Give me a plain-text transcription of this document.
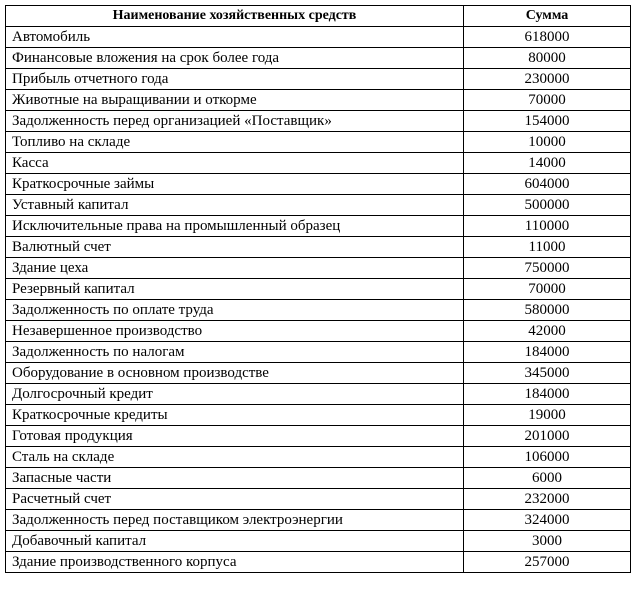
Наименование хозяйственных средств	Сумма
Автомобиль	618000
Финансовые вложения на срок более года	80000
Прибыль отчетного года	230000
Животные на выращивании и откорме	70000
Задолженность перед организацией «Поставщик»	154000
Топливо на складе	10000
Касса	14000
Краткосрочные займы	604000
Уставный капитал	500000
Исключительные права на промышленный образец	110000
Валютный счет	11000
Здание цеха	750000
Резервный капитал	70000
Задолженность по оплате труда	580000
Незавершенное производство	42000
Задолженность по налогам	184000
Оборудование в основном производстве	345000
Долгосрочный кредит	184000
Краткосрочные кредиты	19000
Готовая продукция	201000
Сталь на складе	106000
Запасные части	6000
Расчетный счет	232000
Задолженность перед поставщиком электроэнергии	324000
Добавочный капитал	3000
Здание производственного корпуса	257000
